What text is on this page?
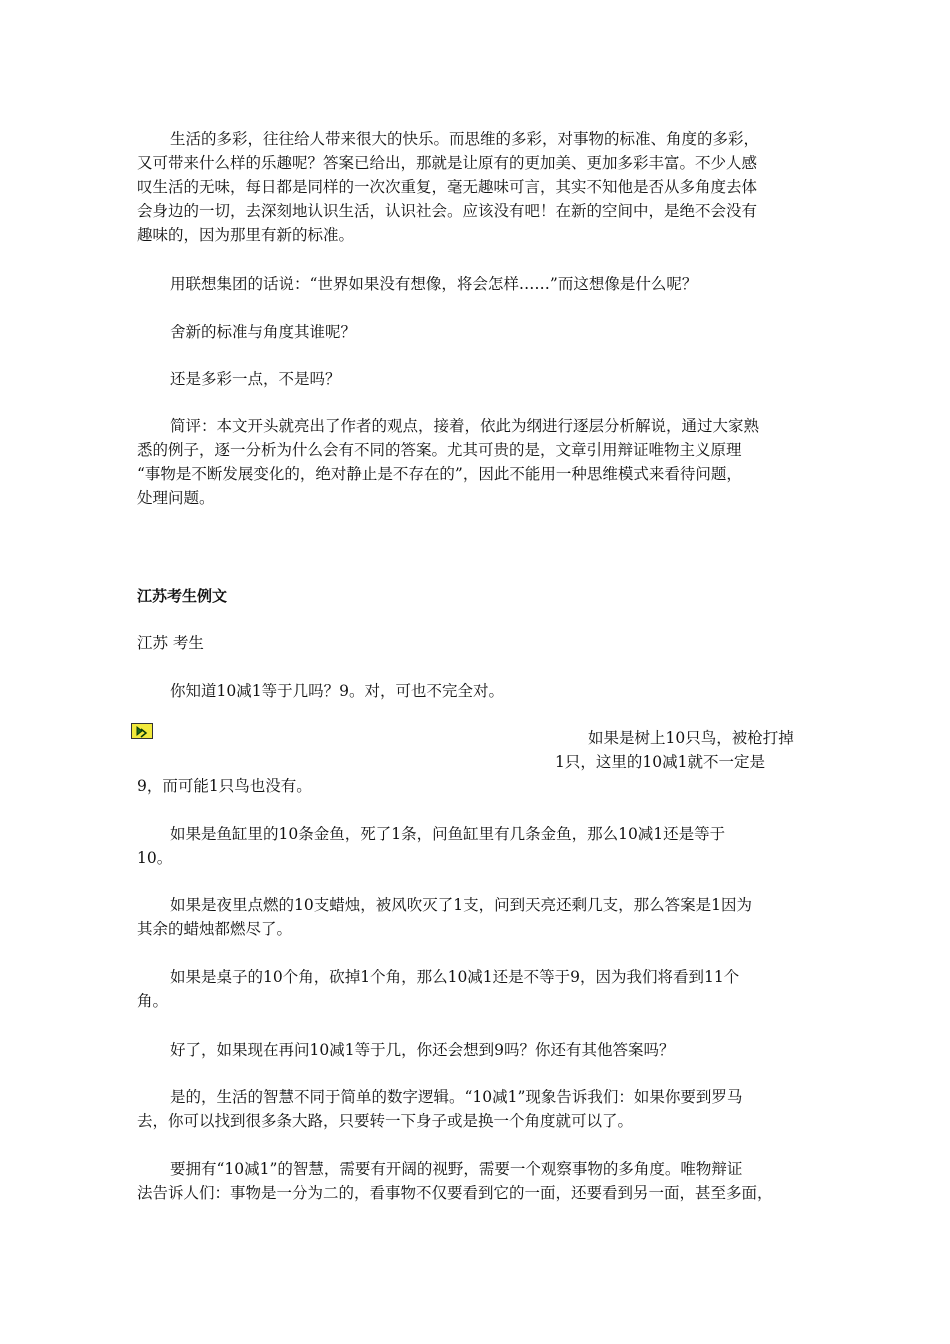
生活的多彩，往往给人带来很大的快乐。而思维的多彩，对事物的标准、角度的多彩，
又可带来什么样的乐趣呢？答案已给出，那就是让原有的更加美、更加多彩丰富。不少人感
叹生活的无味，每日都是同样的一次次重复，毫无趣味可言，其实不知他是否从多角度去体
会身边的一切，去深刻地认识生活，认识社会。应该没有吧！在新的空间中，是绝不会没有
趣味的，因为那里有新的标准。
用联想集团的话说：“世界如果没有想像，将会怎样……”而这想像是什么呢？
舍新的标准与角度其谁呢？
还是多彩一点，不是吗？
简评：本文开头就亮出了作者的观点，接着，依此为纲进行逐层分析解说，通过大家熟
悉的例子，逐一分析为什么会有不同的答案。尤其可贵的是，文章引用辩证唯物主义原理
“事物是不断发展变化的，绝对静止是不存在的”，因此不能用一种思维模式来看待问题，
处理问题。
江苏考生例文
江苏 考生
你知道10减1等于几吗？9。对，可也不完全对。
如果是树上10只鸟，被枪打掉
1只，这里的10减1就不一定是
9，而可能1只鸟也没有。
如果是鱼缸里的10条金鱼，死了1条，问鱼缸里有几条金鱼，那么10减1还是等于
10。
如果是夜里点燃的10支蜡烛，被风吹灭了1支，问到天亮还剩几支，那么答案是1因为
其余的蜡烛都燃尽了。
如果是桌子的10个角，砍掉1个角，那么10减1还是不等于9，因为我们将看到11个
角。
好了，如果现在再问10减1等于几，你还会想到9吗？你还有其他答案吗？
是的，生活的智慧不同于简单的数字逻辑。“10减1”现象告诉我们：如果你要到罗马
去，你可以找到很多条大路，只要转一下身子或是换一个角度就可以了。
要拥有“10减1”的智慧，需要有开阔的视野，需要一个观察事物的多角度。唯物辩证
法告诉人们：事物是一分为二的，看事物不仅要看到它的一面，还要看到另一面，甚至多面，
